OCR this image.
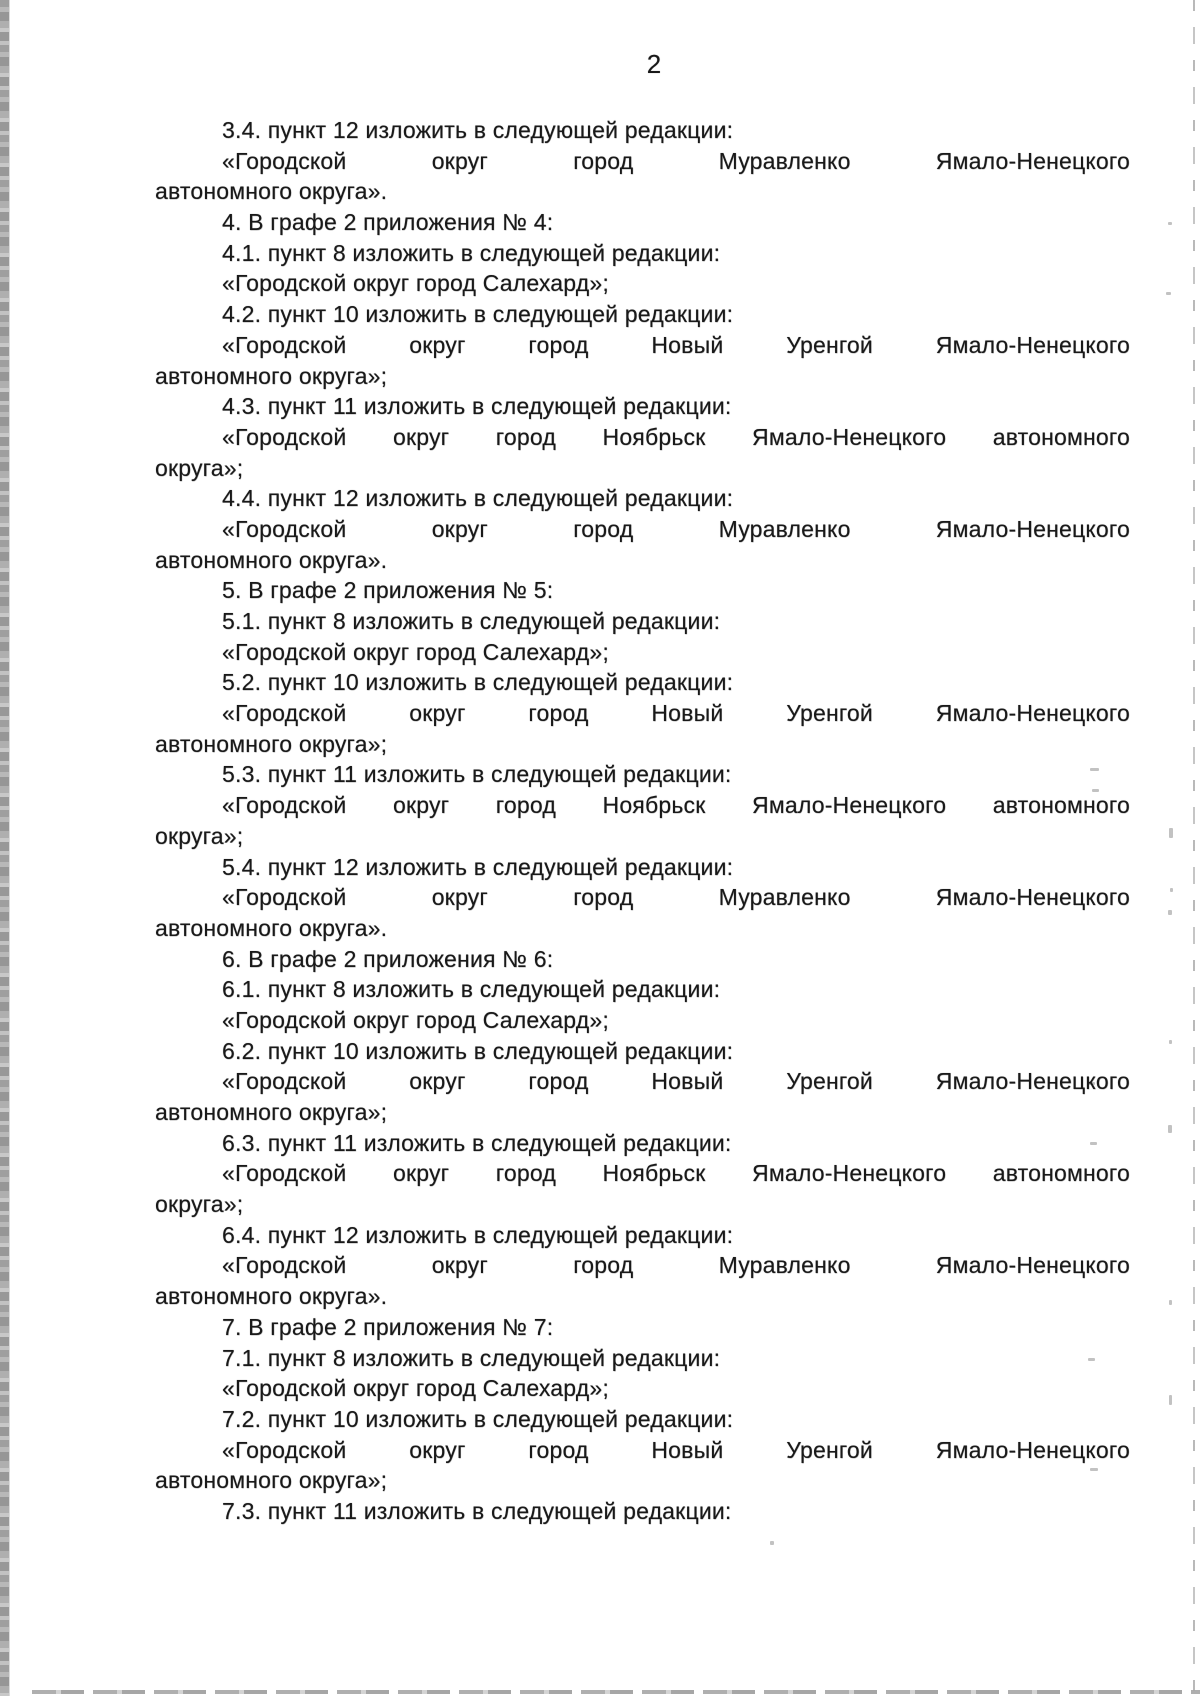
2
3.4. пункт 12 изложить в следующей редакции:
«Городской округ город Муравленко Ямало-Ненецкого
автономного округа».
4. В графе 2 приложения № 4:
4.1. пункт 8 изложить в следующей редакции:
«Городской округ город Салехард»;
4.2. пункт 10 изложить в следующей редакции:
«Городской округ город Новый Уренгой Ямало-Ненецкого
автономного округа»;
4.3. пункт 11 изложить в следующей редакции:
«Городской округ город Ноябрьск Ямало-Ненецкого автономного
округа»;
4.4. пункт 12 изложить в следующей редакции:
«Городской округ город Муравленко Ямало-Ненецкого
автономного округа».
5. В графе 2 приложения № 5:
5.1. пункт 8 изложить в следующей редакции:
«Городской округ город Салехард»;
5.2. пункт 10 изложить в следующей редакции:
«Городской округ город Новый Уренгой Ямало-Ненецкого
автономного округа»;
5.3. пункт 11 изложить в следующей редакции:
«Городской округ город Ноябрьск Ямало-Ненецкого автономного
округа»;
5.4. пункт 12 изложить в следующей редакции:
«Городской округ город Муравленко Ямало-Ненецкого
автономного округа».
6. В графе 2 приложения № 6:
6.1. пункт 8 изложить в следующей редакции:
«Городской округ город Салехард»;
6.2. пункт 10 изложить в следующей редакции:
«Городской округ город Новый Уренгой Ямало-Ненецкого
автономного округа»;
6.3. пункт 11 изложить в следующей редакции:
«Городской округ город Ноябрьск Ямало-Ненецкого автономного
округа»;
6.4. пункт 12 изложить в следующей редакции:
«Городской округ город Муравленко Ямало-Ненецкого
автономного округа».
7. В графе 2 приложения № 7:
7.1. пункт 8 изложить в следующей редакции:
«Городской округ город Салехард»;
7.2. пункт 10 изложить в следующей редакции:
«Городской округ город Новый Уренгой Ямало-Ненецкого
автономного округа»;
7.3. пункт 11 изложить в следующей редакции:
